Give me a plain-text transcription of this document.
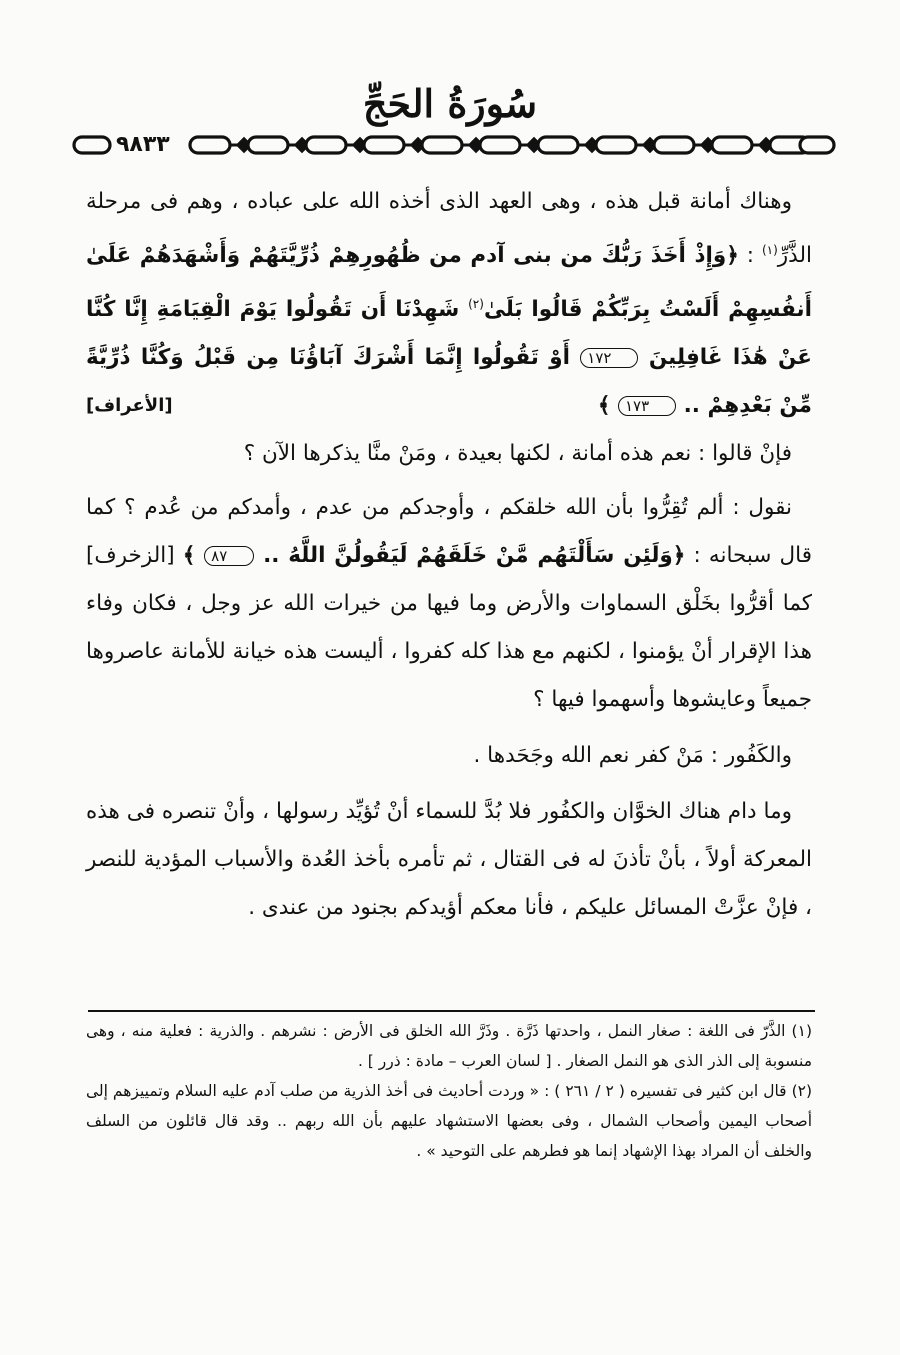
سُورَةُ الحَجِّ
٩٨٣٣

وهناك أمانة قبل هذه ، وهى العهد الذى أخذه الله على عباده ، وهم فى مرحلة الذَّرِّ$^{(١)}$ : ﴿وَإِذْ أَخَذَ رَبُّكَ من بنى آدم من ظُهُورِهِمْ ذُرِّيَّتَهُمْ وَأَشْهَدَهُمْ عَلَىٰ أَنفُسِهِمْ أَلَسْتُ بِرَبِّكُمْ قَالُوا بَلَىٰ$^{(٢)}$ شَهِدْنَا أَن تَقُولُوا يَوْمَ الْقِيَامَةِ إِنَّا كُنَّا عَنْ هَٰذَا غَافِلِينَ ١٧٢ أَوْ تَقُولُوا إِنَّمَا أَشْرَكَ آبَاؤُنَا مِن قَبْلُ وَكُنَّا ذُرِّيَّةً مِّنْ بَعْدِهِمْ .. ١٧٣ ﴾
[الأعراف]

فإنْ قالوا : نعم هذه أمانة ، لكنها بعيدة ، ومَنْ منَّا يذكرها الآن ؟

نقول : ألم تُقِرُّوا بأن الله خلقكم ، وأوجدكم من عدم ، وأمدكم من عُدم ؟ كما قال سبحانه : ﴿وَلَئِن سَأَلْتَهُم مَّنْ خَلَقَهُمْ لَيَقُولُنَّ اللَّهُ .. ٨٧ ﴾ [الزخرف] كما أقرُّوا بخَلْق السماوات والأرض وما فيها من خيرات الله عز وجل ، فكان وفاء هذا الإقرار أنْ يؤمنوا ، لكنهم مع هذا كله كفروا ، أليست هذه خيانة للأمانة عاصروها جميعاً وعايشوها وأسهموا فيها ؟

والكَفُور : مَنْ كفر نعم الله وجَحَدها .

وما دام هناك الخوَّان والكفُور فلا بُدَّ للسماء أنْ تُؤيِّد رسولها ، وأنْ تنصره فى هذه المعركة أولاً ، بأنْ تأذنَ له فى القتال ، ثم تأمره بأخذ العُدة والأسباب المؤدية للنصر ، فإنْ عزَّتْ المسائل عليكم ، فأنا معكم أؤيدكم بجنود من عندى .

(١) الذَّرّ فى اللغة : صغار النمل ، واحدتها ذَرَّة . وذَرَّ الله الخلق فى الأرض : نشرهم . والذرية : فعلية منه ، وهى منسوبة إلى الذر الذى هو النمل الصغار . [ لسان العرب – مادة : ذرر ] .

(٢) قال ابن كثير فى تفسيره ( ٢ / ٢٦١ ) : « وردت أحاديث فى أخذ الذرية من صلب آدم عليه السلام وتمييزهم إلى أصحاب اليمين وأصحاب الشمال ، وفى بعضها الاستشهاد عليهم بأن الله ربهم .. وقد قال قائلون من السلف والخلف أن المراد بهذا الإشهاد إنما هو فطرهم على التوحيد » .
